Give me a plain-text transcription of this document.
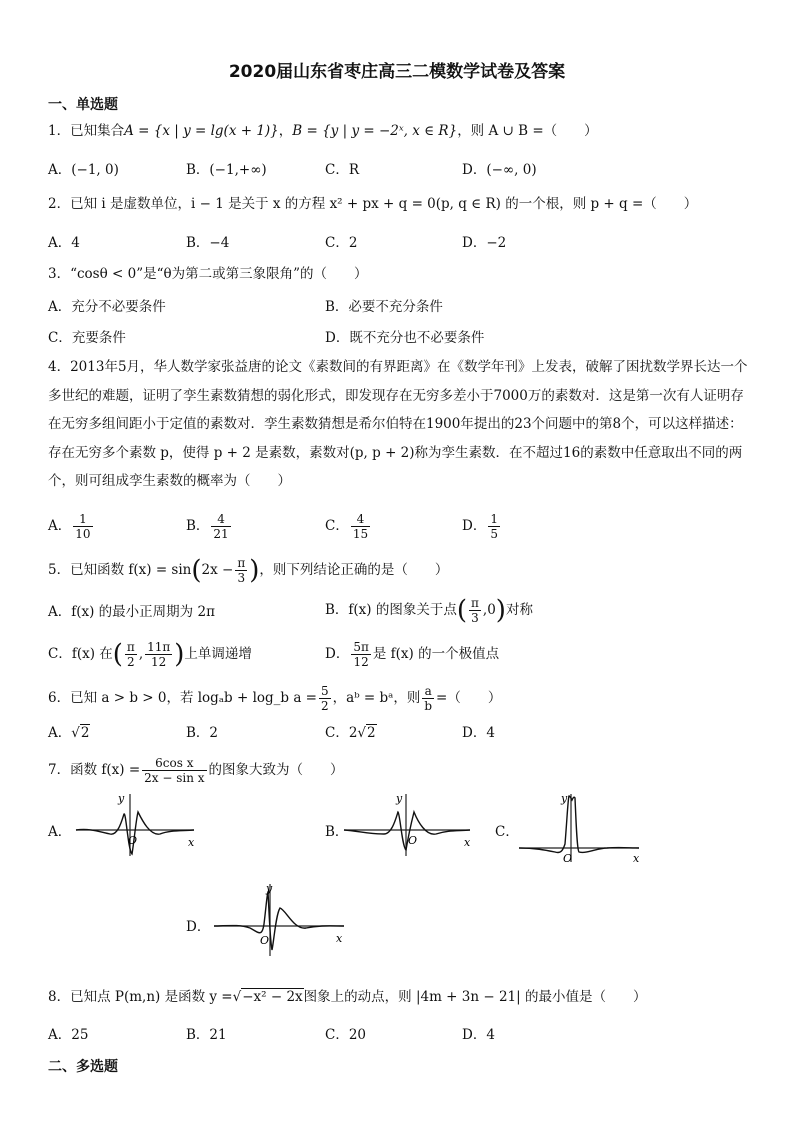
2020届山东省枣庄高三二模数学试卷及答案
一、单选题
1．已知集合A = {x | y = lg(x + 1)}，B = {y | y = −2ˣ, x ∈ R}，则 A ∪ B =（　　）
A．(−1, 0)	B．(−1,+∞)	C．R	D．(−∞, 0)
2．已知 i 是虚数单位，i − 1 是关于 x 的方程 x² + px + q = 0(p, q ∈ R) 的一个根，则 p + q =（　　）
A．4	B．−4	C．2	D．−2
3．“cosθ < 0”是“θ为第二或第三象限角”的（　　）
A．充分不必要条件	B．必要不充分条件
C．充要条件	D．既不充分也不必要条件
4．2013年5月，华人数学家张益唐的论文《素数间的有界距离》在《数学年刊》上发表，破解了困扰数学界长达一个多世纪的难题，证明了孪生素数猜想的弱化形式，即发现存在无穷多差小于7000万的素数对．这是第一次有人证明存在无穷多组间距小于定值的素数对．孪生素数猜想是希尔伯特在1900年提出的23个问题中的第8个，可以这样描述：存在无穷多个素数 p，使得 p + 2 是素数，素数对(p, p + 2)称为孪生素数．在不超过16的素数中任意取出不同的两个，则可组成孪生素数的概率为（　　）
A． $\frac{1}{10}$	B． $\frac{4}{21}$	C． $\frac{4}{15}$	D． $\frac{1}{5}$
5．已知函数 $f(x) = \sin(2x - \frac{\pi}{3}$ )，则下列结论正确的是（　　）
A．f(x) 的最小正周期为 2π	B．f(x) 的图象关于点( $\frac{\pi}{3} ,0$)对称
C．f(x) 在( $\frac{\pi}{2}$ , $\frac{11\pi}{12}$ )上单调递增	D． $\frac{5\pi}{12}$ 是 f(x) 的一个极值点
6．已知 a > b > 0，若 logₐb + log_b $a = \frac{5}{2}$ ，aᵇ = bᵃ，则 $\frac{a}{b}$ =（　　）
A．√2	B．2	C．2√2	D．4
7．函数 $f(x) = \frac{\text{6cos x}}{\text{2x − sin x}}$ 的图象大致为（　　）
A．
x
y
O
B．
x
y
O
C．
x
y
O
D．
x
y
O
8．已知点 P(m,n) 是函数 y =√−x² − 2x图象上的动点，则 |4m + 3n − 21| 的最小值是（　　）
A．25	B．21	C．20	D．4
二、多选题
